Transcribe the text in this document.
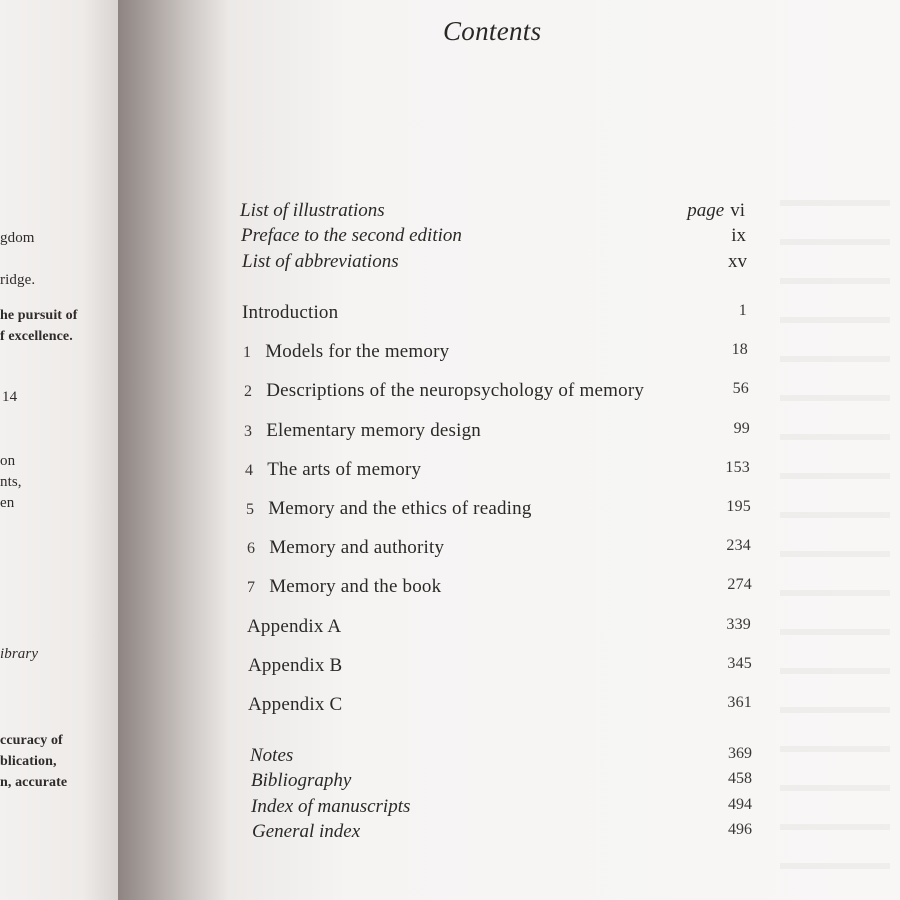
gdom
ridge.
he pursuit of
f excellence.
14
on
nts,
en
ibrary
ccuracy of
blication,
n, accurate
Contents
List of illustrations	page vi
Preface to the second edition	ix
List of abbreviations	xv
Introduction	1
1 Models for the memory	18
2 Descriptions of the neuropsychology of memory	56
3 Elementary memory design	99
4 The arts of memory	153
5 Memory and the ethics of reading	195
6 Memory and authority	234
7 Memory and the book	274
Appendix A	339
Appendix B	345
Appendix C	361
Notes	369
Bibliography	458
Index of manuscripts	494
General index	496
